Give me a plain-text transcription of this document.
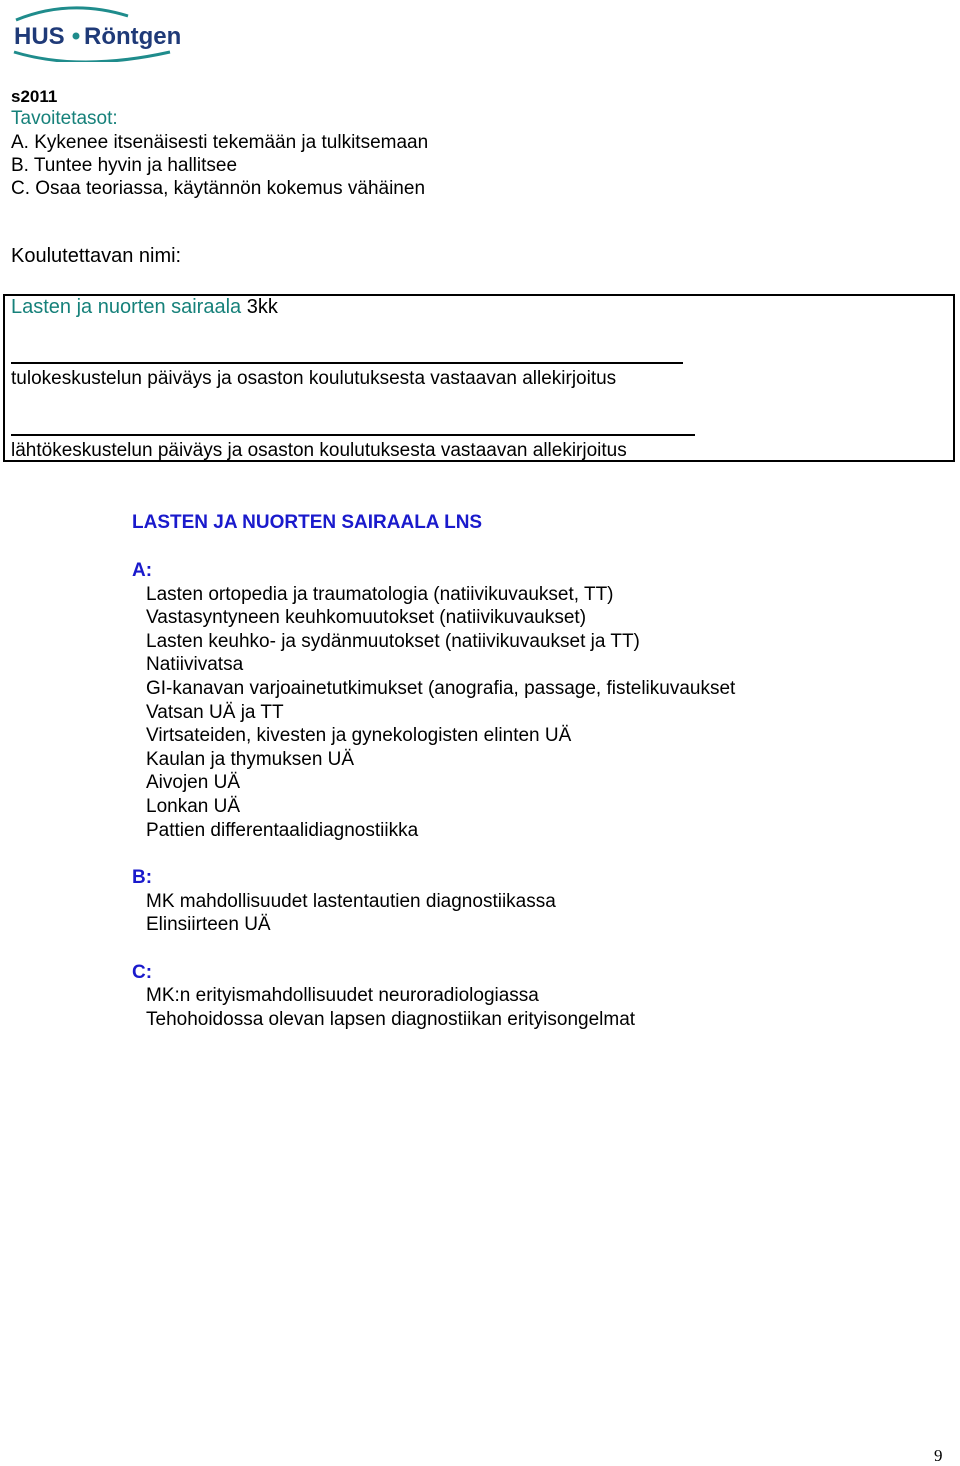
HUS Röntgen
s2011
Tavoitetasot:
A. Kykenee itsenäisesti tekemään ja tulkitsemaan
B. Tuntee hyvin ja hallitsee
C. Osaa teoriassa, käytännön kokemus vähäinen
Koulutettavan nimi:
Lasten ja nuorten sairaala 3kk
tulokeskustelun päiväys ja osaston koulutuksesta vastaavan allekirjoitus
lähtökeskustelun päiväys ja osaston koulutuksesta vastaavan allekirjoitus
LASTEN JA NUORTEN SAIRAALA LNS
A:
Lasten ortopedia ja traumatologia (natiivikuvaukset, TT)
Vastasyntyneen keuhkomuutokset (natiivikuvaukset)
Lasten keuhko- ja sydänmuutokset (natiivikuvaukset ja TT)
Natiivivatsa
GI-kanavan varjoainetutkimukset (anografia, passage, fistelikuvaukset
Vatsan UÄ ja TT
Virtsateiden, kivesten ja gynekologisten elinten UÄ
Kaulan ja thymuksen UÄ
Aivojen UÄ
Lonkan UÄ
Pattien differentaalidiagnostiikka
B:
MK mahdollisuudet lastentautien diagnostiikassa
Elinsiirteen UÄ
C:
MK:n erityismahdollisuudet neuroradiologiassa
Tehohoidossa olevan lapsen diagnostiikan erityisongelmat
9
